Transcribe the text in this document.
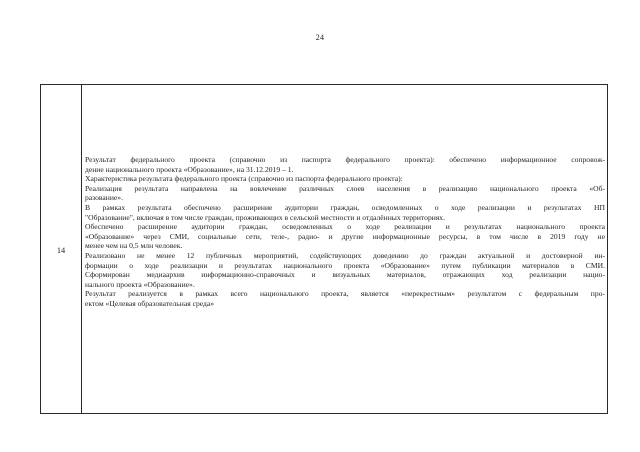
24
14
Результат федерального проекта (справочно из паспорта федерального проекта): обеспечено информационное сопровож-
дение национального проекта «Образование», на 31.12.2019 – 1.
Характеристика результата федерального проекта (справочно из паспорта федерального проекта):
Реализация результата направлена на вовлечение различных слоев населения в реализацию национального проекта «Об-
разование».
В рамках результата обеспечено расширение аудитории граждан, осведомленных о ходе реализации и результатах НП
"Образование", включая в том числе граждан, проживающих в сельской местности и отдалённых территориях.
Обеспечено расширение аудитории граждан, осведомленных о ходе реализации и результатах национального проекта
«Образование» через СМИ, социальные сети, теле-, радио- и другие информационные ресурсы, в том числе в 2019 году не
менее чем на 0,5 млн человек.
Реализовано не менее 12 публичных мероприятий, содействующих доведению до граждан актуальной и достоверной ин-
формации о ходе реализации и результатах национального проекта «Образование» путем публикации материалов в СМИ.
Сформирован медиаархив информационно-справочных и визуальных материалов, отражающих ход реализации нацио-
нального проекта «Образование».
Результат реализуется в рамках всего национального проекта, является «перекрестным» результатом с федеральным про-
ектом «Целевая образовательная среда»
